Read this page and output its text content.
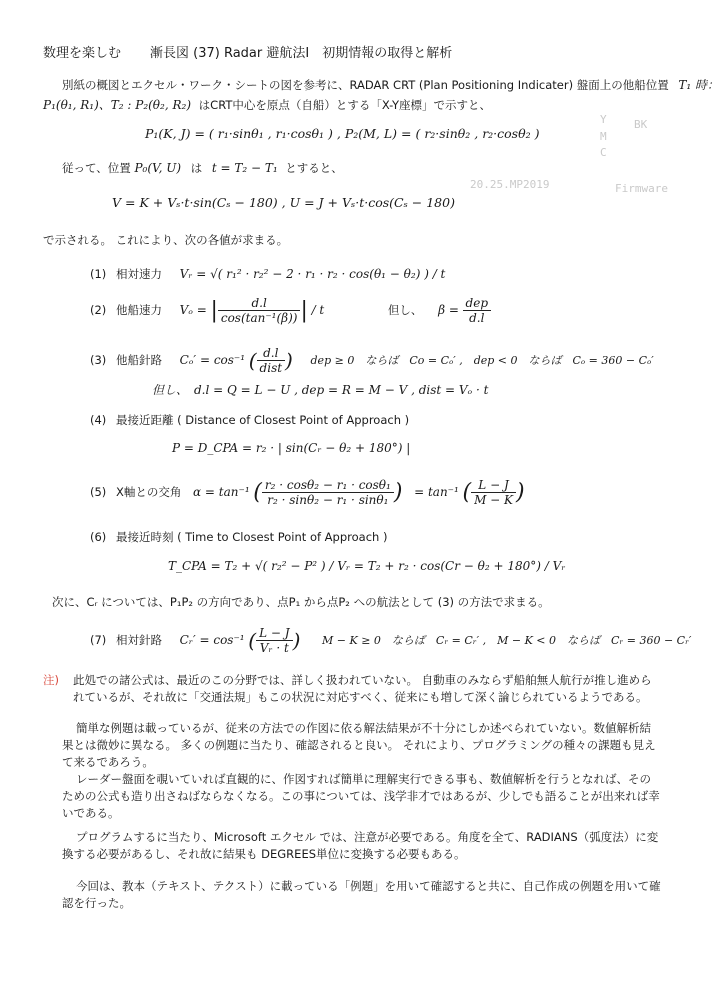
BK
Y
M
C
Firmware
20.25.MP2019
数理を楽しむ 漸長図 (37) Radar 避航法Ⅰ　初期情報の取得と解析
別紙の概図とエクセル・ワーク・シートの図を参考に、RADAR CRT (Plan Positioning Indicater) 盤面上の他船位置 T₁ 時：
P₁(θ₁, R₁)、T₂ : P₂(θ₂, R₂) はCRT中心を原点（自船）とする「X-Y座標」で示すと、
P₁(K, J) = ( r₁·sinθ₁ , r₁·cosθ₁ ) , P₂(M, L) = ( r₂·sinθ₂ , r₂·cosθ₂ )
従って、位置 P₀(V, U) は t = T₂ − T₁ とすると、
V = K + Vₛ·t·sin(Cₛ − 180) , U = J + Vₛ·t·cos(Cₛ − 180)
で示される。 これにより、次の各値が求まる。
(1) 相対速力 Vᵣ = √( r₁² · r₂² − 2 · r₁ · r₂ · cos(θ₁ − θ₂) ) / t
(2) 他船速力 Vₒ = | $\frac{d.l}{\text{cos(tan⁻¹(β))}}$ | / t	但し、 $\beta = \frac{\text{dep}}{d.l}$
(3) 他船針路 Cₒ′ = cos⁻¹ ( $\frac{d.l}{\text{dist}}$ ) dep ≥ 0　ならば　Co = Cₒ′ ,　dep < 0　ならば　Cₒ = 360 − Cₒ′
但し、　d.l = Q = L − U , dep = R = M − V , dist = Vₒ · t
(4) 最接近距離 ( Distance of Closest Point of Approach )
P = D_CPA = r₂ · | sin(Cᵣ − θ₂ + 180°) |
(5) X軸との交角 α = tan⁻¹ ( $\frac{\text{r₂ · cosθ₂ − r₁ · cosθ₁}}{\text{r₂ · sinθ₂ − r₁ · sinθ₁}}$ ) = tan⁻¹ ( $\frac{L - J}{M - K}$ )
(6) 最接近時刻 ( Time to Closest Point of Approach )
T_CPA = T₂ + √( r₂² − P² ) / Vᵣ = T₂ + r₂ · cos(Cr − θ₂ + 180°) / Vᵣ
次に、Cᵣ については、P₁P₂ の方向であり、点P₁ から点P₂ への航法として (3) の方法で求まる。
(7) 相対針路 Cᵣ′ = cos⁻¹ ( $\frac{L - J}{\text{Vᵣ · t}}$ ) M − K ≥ 0　ならば　Cᵣ = Cᵣ′ ,　M − K < 0　ならば　Cᵣ = 360 − Cᵣ′
注) 此処での諸公式は、最近のこの分野では、詳しく扱われていない。 自動車のみならず船舶無人航行が推し進められているが、それ故に「交通法規」もこの状況に対応すべく、従来にも増して深く論じられているようである。
簡単な例題は載っているが、従来の方法での作図に依る解法結果が不十分にしか述べられていない。数値解析結果とは微妙に異なる。 多くの例題に当たり、確認されると良い。 それにより、プログラミングの種々の課題も見えて来るであろう。
レーダー盤面を覗いていれば直観的に、作図すれば簡単に理解実行できる事も、数値解析を行うとなれば、そのための公式も造り出さねばならなくなる。この事については、浅学非才ではあるが、少しでも語ることが出来れば幸いである。
プログラムするに当たり、Microsoft エクセル では、注意が必要である。角度を全て、RADIANS（弧度法）に変換する必要があるし、それ故に結果も DEGREES単位に変換する必要もある。
今回は、教本（テキスト、テクスト）に載っている「例題」を用いて確認すると共に、自己作成の例題を用いて確認を行った。
